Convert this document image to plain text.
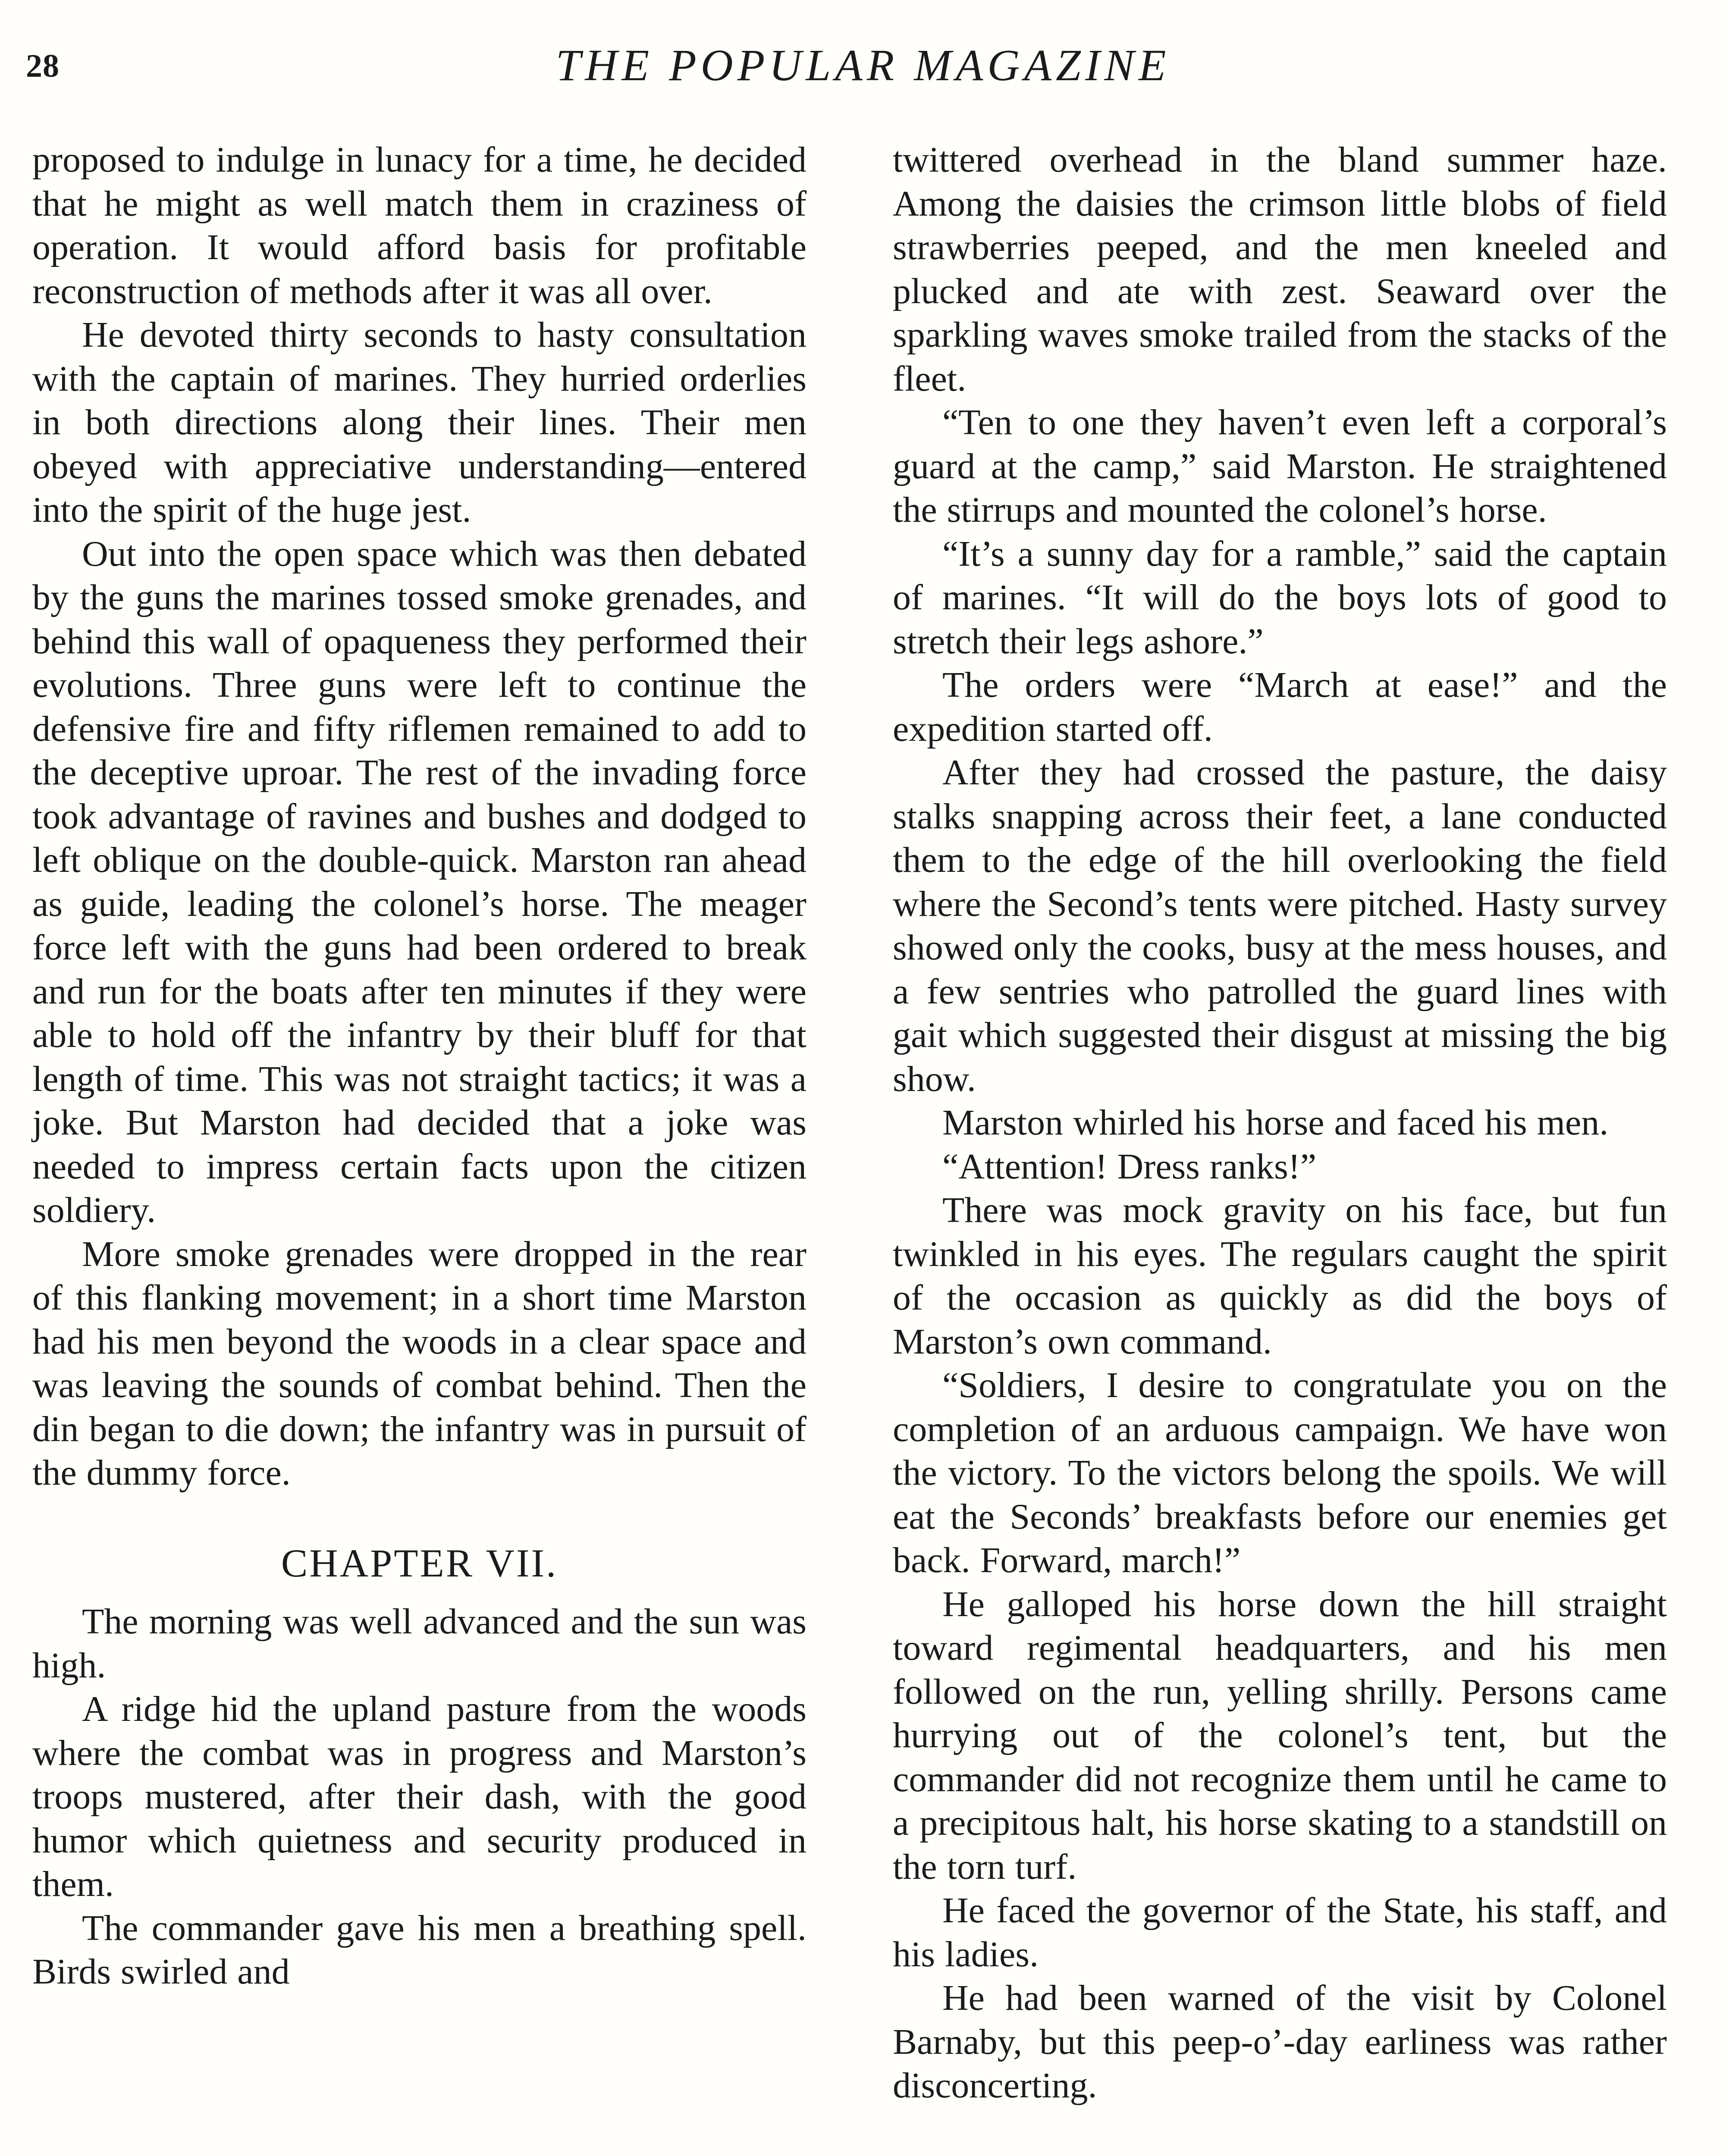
28	THE POPULAR MAGAZINE

proposed to indulge in lunacy for a time, he decided that he might as well match them in craziness of operation. It would afford basis for profitable reconstruction of methods after it was all over.

He devoted thirty seconds to hasty consultation with the captain of marines. They hurried orderlies in both directions along their lines. Their men obeyed with appreciative understanding—entered into the spirit of the huge jest.

Out into the open space which was then debated by the guns the marines tossed smoke grenades, and behind this wall of opaqueness they performed their evolutions. Three guns were left to continue the defensive fire and fifty riflemen remained to add to the deceptive uproar. The rest of the invading force took advantage of ravines and bushes and dodged to left oblique on the double-quick. Marston ran ahead as guide, leading the colonel’s horse. The meager force left with the guns had been ordered to break and run for the boats after ten minutes if they were able to hold off the infantry by their bluff for that length of time. This was not straight tactics; it was a joke. But Marston had decided that a joke was needed to impress certain facts upon the citizen soldiery.

More smoke grenades were dropped in the rear of this flanking movement; in a short time Marston had his men beyond the woods in a clear space and was leaving the sounds of combat behind. Then the din began to die down; the infantry was in pursuit of the dummy force.

CHAPTER VII.

The morning was well advanced and the sun was high.

A ridge hid the upland pasture from the woods where the combat was in progress and Marston’s troops mustered, after their dash, with the good humor which quietness and security produced in them.

The commander gave his men a breathing spell. Birds swirled and

twittered overhead in the bland summer haze. Among the daisies the crimson little blobs of field strawberries peeped, and the men kneeled and plucked and ate with zest. Seaward over the sparkling waves smoke trailed from the stacks of the fleet.

“Ten to one they haven’t even left a corporal’s guard at the camp,” said Marston. He straightened the stirrups and mounted the colonel’s horse.

“It’s a sunny day for a ramble,” said the captain of marines. “It will do the boys lots of good to stretch their legs ashore.”

The orders were “March at ease!” and the expedition started off.

After they had crossed the pasture, the daisy stalks snapping across their feet, a lane conducted them to the edge of the hill overlooking the field where the Second’s tents were pitched. Hasty survey showed only the cooks, busy at the mess houses, and a few sentries who patrolled the guard lines with gait which suggested their disgust at missing the big show.

Marston whirled his horse and faced his men.

“Attention! Dress ranks!”

There was mock gravity on his face, but fun twinkled in his eyes. The regulars caught the spirit of the occasion as quickly as did the boys of Marston’s own command.

“Soldiers, I desire to congratulate you on the completion of an arduous campaign. We have won the victory. To the victors belong the spoils. We will eat the Seconds’ breakfasts before our enemies get back. Forward, march!”

He galloped his horse down the hill straight toward regimental headquarters, and his men followed on the run, yelling shrilly. Persons came hurrying out of the colonel’s tent, but the commander did not recognize them until he came to a precipitous halt, his horse skating to a standstill on the torn turf.

He faced the governor of the State, his staff, and his ladies.

He had been warned of the visit by Colonel Barnaby, but this peep-o’-day earliness was rather disconcerting.
